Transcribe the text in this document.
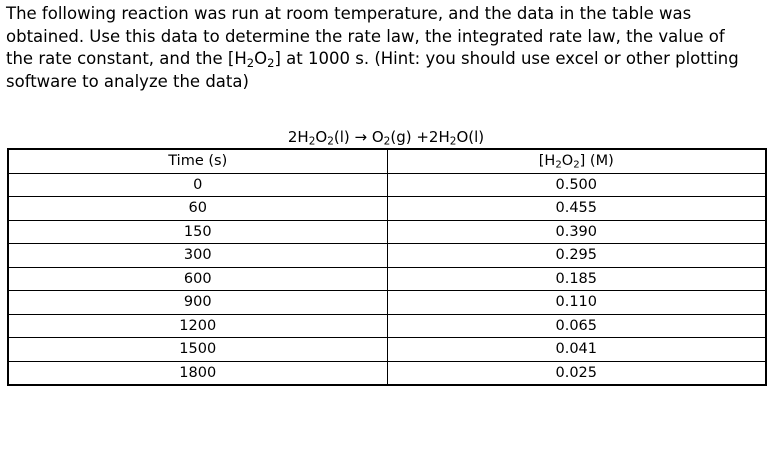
The following reaction was run at room temperature, and the data in the table was
obtained. Use this data to determine the rate law, the integrated rate law, the value of
the rate constant, and the $[H_2O_2]$ at 1000 s. (Hint: you should use excel or other plotting
software to analyze the data)

$2H_2O_2(l) \to O_2(g) +2H_2O(l)$
Time (s)	$[H_2O_2]$ (M)
0	0.500
60	0.455
150	0.390
300	0.295
600	0.185
900	0.110
1200	0.065
1500	0.041
1800	0.025
